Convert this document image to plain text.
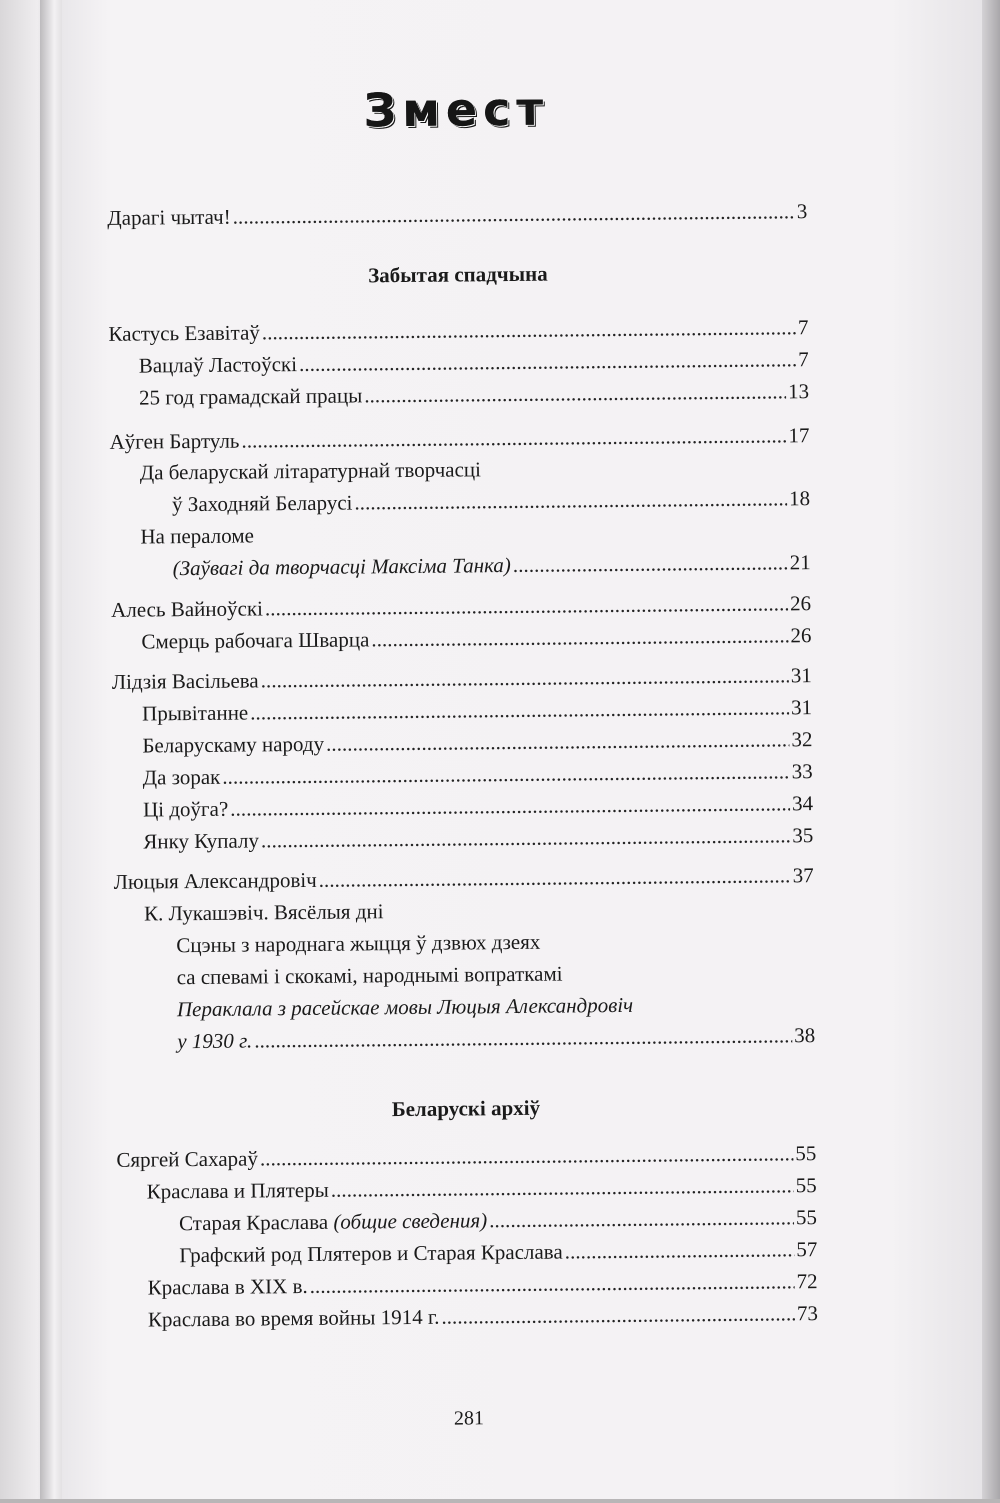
Змест
Дарагі чытач! . . .	3
Забытая спадчына
Кастусь Езавітаў . . .	7
Вацлаў Ластоўскі . . .	7
25 год грамадскай працы . . .	13
Аўген Бартуль . . .	17
Да беларускай літаратурнай творчасці
ў Заходняй Беларусі . . .	18
На пераломе
(Заўвагі да творчасці Максіма Танка) . . .	21
Алесь Вайноўскі . . .	26
Смерць рабочага Шварца . . .	26
Лідзія Васільева . . .	31
Прывітанне . . .	31
Беларускаму народу . . .	32
Да зорак . . .	33
Ці доўга? . . .	34
Янку Купалу . . .	35
Люцыя Александровіч . . .	37
К. Лукашэвіч. Вясёлыя дні
Сцэны з народнага жыцця ў дзвюх дзеях
са спевамі і скокамі, народнымі вопраткамі
Пераклала з расейскае мовы Люцыя Александровіч
у 1930 г. . . .	38
Беларускі архіў
Сяргей Сахараў . . .	55
Краслава и Плятеры . . .	55
Старая Краслава (общие сведения) . . .	55
Графский род Плятеров и Старая Краслава . . .	57
Краслава в XIX в. . . .	72
Краслава во время войны 1914 г. . . .	73
281
